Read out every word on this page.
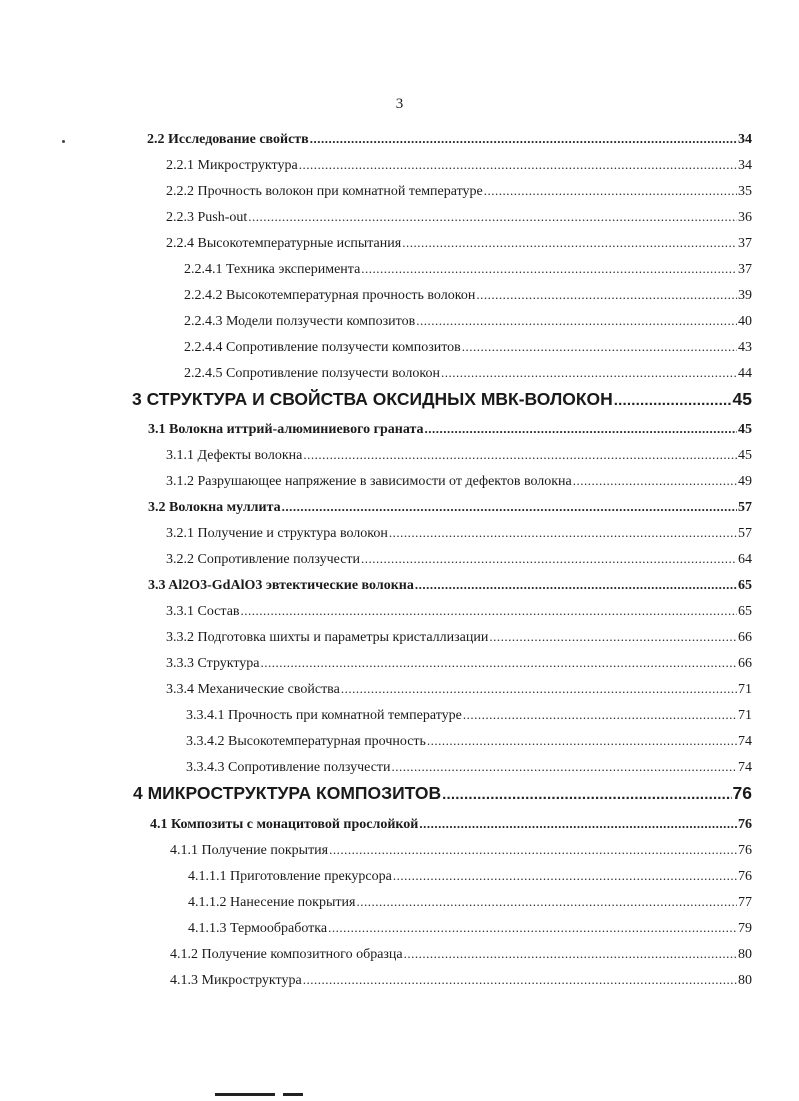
3
2.2 Исследование свойств .....	34
2.2.1 Микроструктура .....	34
2.2.2 Прочность волокон при комнатной температуре .....	35
2.2.3 Push-out .....	36
2.2.4 Высокотемпературные испытания .....	37
2.2.4.1 Техника эксперимента .....	37
2.2.4.2 Высокотемпературная прочность волокон .....	39
2.2.4.3 Модели ползучести композитов .....	40
2.2.4.4 Сопротивление ползучести композитов .....	43
2.2.4.5 Сопротивление ползучести волокон .....	44
3 СТРУКТУРА И СВОЙСТВА ОКСИДНЫХ МВК-ВОЛОКОН .....	45
3.1 Волокна иттрий-алюминиевого граната .....	45
3.1.1 Дефекты волокна .....	45
3.1.2 Разрушающее напряжение в зависимости от дефектов волокна .....	49
3.2 Волокна муллита .....	57
3.2.1 Получение и структура волокон .....	57
3.2.2 Сопротивление ползучести .....	64
3.3 Al2O3-GdAlO3 эвтектические волокна .....	65
3.3.1 Состав .....	65
3.3.2 Подготовка шихты и параметры кристаллизации .....	66
3.3.3 Структура .....	66
3.3.4 Механические свойства .....	71
3.3.4.1 Прочность при комнатной температуре .....	71
3.3.4.2 Высокотемпературная прочность .....	74
3.3.4.3 Сопротивление ползучести .....	74
4 МИКРОСТРУКТУРА КОМПОЗИТОВ .....	76
4.1 Композиты с монацитовой прослойкой .....	76
4.1.1 Получение покрытия .....	76
4.1.1.1 Приготовление прекурсора .....	76
4.1.1.2 Нанесение покрытия .....	77
4.1.1.3 Термообработка .....	79
4.1.2 Получение композитного образца .....	80
4.1.3 Микроструктура .....	80
